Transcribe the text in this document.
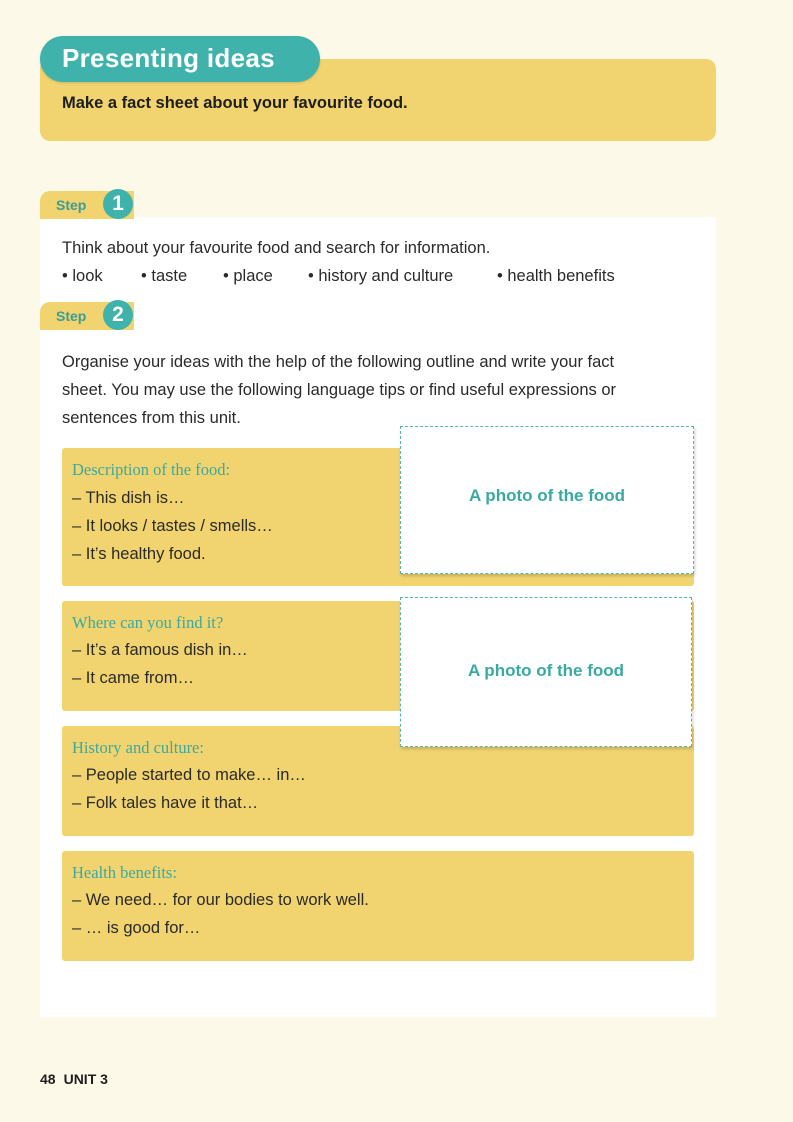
Presenting ideas
Make a fact sheet about your favourite food.
Step	1
Think about your favourite food and search for information.
• look • taste • place • history and culture	• health benefits
Step	2
Organise your ideas with the help of the following outline and write your fact
sheet. You may use the following language tips or find useful expressions or
sentences from this unit.
Description of the food:
– This dish is…
– It looks / tastes / smells…
– It’s healthy food.
Where can you find it?
– It’s a famous dish in…
– It came from…
History and culture:
– People started to make… in…
– Folk tales have it that…
Health benefits:
– We need… for our bodies to work well.
– … is good for…
A photo of the food
A photo of the food
48 UNIT 3
